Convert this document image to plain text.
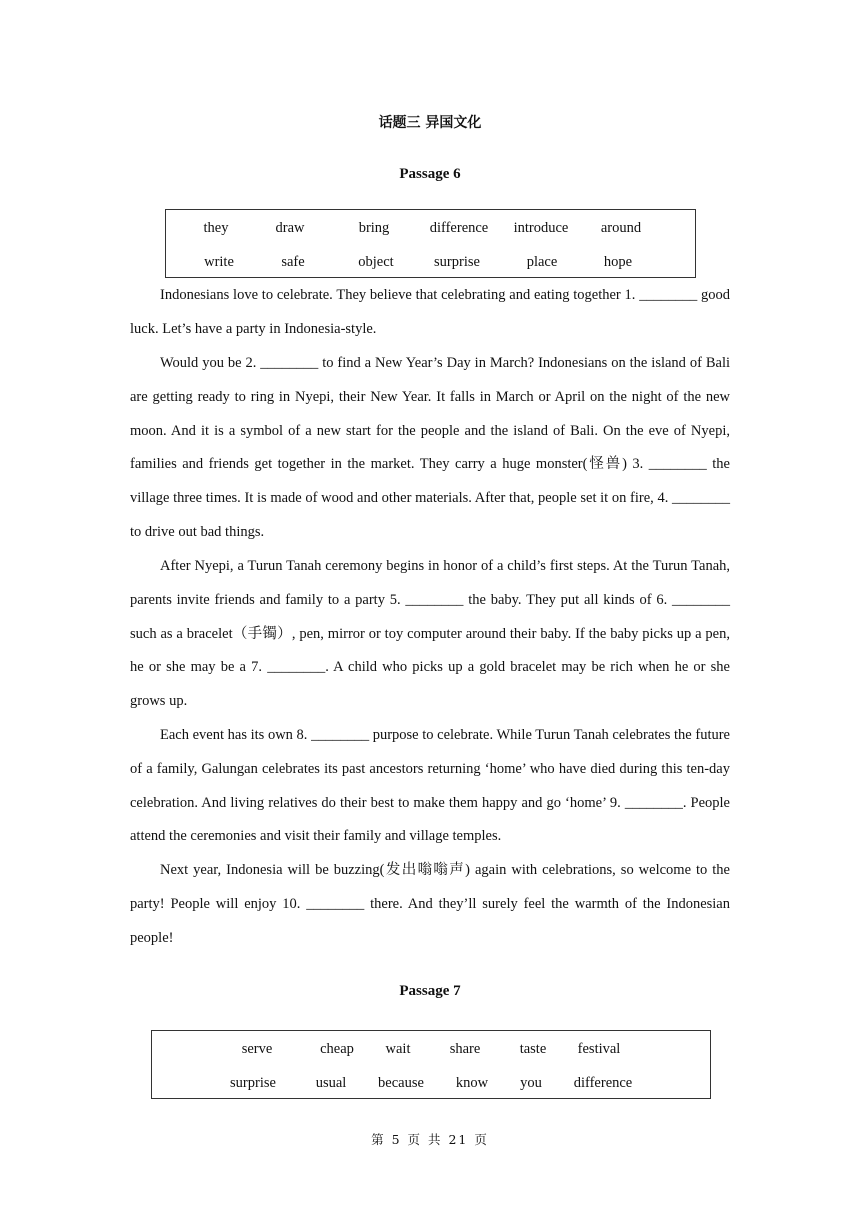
话题三 异国文化
Passage 6
they	draw	bring	difference	introduce	around
write	safe	object	surprise	place	hope

Indonesians love to celebrate. They believe that celebrating and eating together 1. ________ good luck. Let’s have a party in Indonesia-style.

Would you be 2. ________ to find a New Year’s Day in March? Indonesians on the island of Bali are getting ready to ring in Nyepi, their New Year. It falls in March or April on the night of the new moon. And it is a symbol of a new start for the people and the island of Bali. On the eve of Nyepi, families and friends get together in the market. They carry a huge monster(怪兽) 3. ________ the village three times. It is made of wood and other materials. After that, people set it on fire, 4. ________ to drive out bad things.

After Nyepi, a Turun Tanah ceremony begins in honor of a child’s first steps. At the Turun Tanah, parents invite friends and family to a party 5. ________ the baby. They put all kinds of 6. ________ such as a bracelet（手镯）, pen, mirror or toy computer around their baby. If the baby picks up a pen, he or she may be a 7. ________. A child who picks up a gold bracelet may be rich when he or she grows up.

Each event has its own 8. ________ purpose to celebrate. While Turun Tanah celebrates the future of a family, Galungan celebrates its past ancestors returning ‘home’ who have died during this ten-day celebration. And living relatives do their best to make them happy and go ‘home’ 9. ________. People attend the ceremonies and visit their family and village temples.

Next year, Indonesia will be buzzing(发出嗡嗡声) again with celebrations, so welcome to the party! People will enjoy 10. ________ there. And they’ll surely feel the warmth of the Indonesian people!

Passage 7
serve	cheap	wait	share	taste	festival
surprise	usual	because	know	you	difference
第 5 页 共 21 页
